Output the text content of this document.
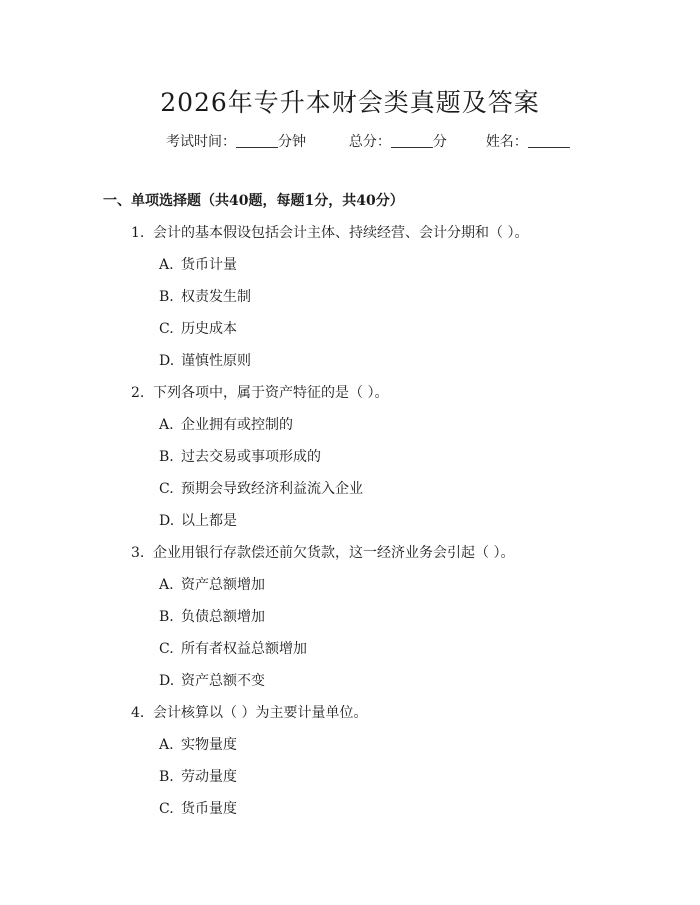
2026年专升本财会类真题及答案
考试时间：	分钟	总分：	分	姓名：
一、单项选择题（共40题，每题1分，共40分）
1. 会计的基本假设包括会计主体、持续经营、会计分期和（ ）。
A. 货币计量
B. 权责发生制
C. 历史成本
D. 谨慎性原则
2. 下列各项中，属于资产特征的是（ ）。
A. 企业拥有或控制的
B. 过去交易或事项形成的
C. 预期会导致经济利益流入企业
D. 以上都是
3. 企业用银行存款偿还前欠货款，这一经济业务会引起（ ）。
A. 资产总额增加
B. 负债总额增加
C. 所有者权益总额增加
D. 资产总额不变
4. 会计核算以（ ）为主要计量单位。
A. 实物量度
B. 劳动量度
C. 货币量度
